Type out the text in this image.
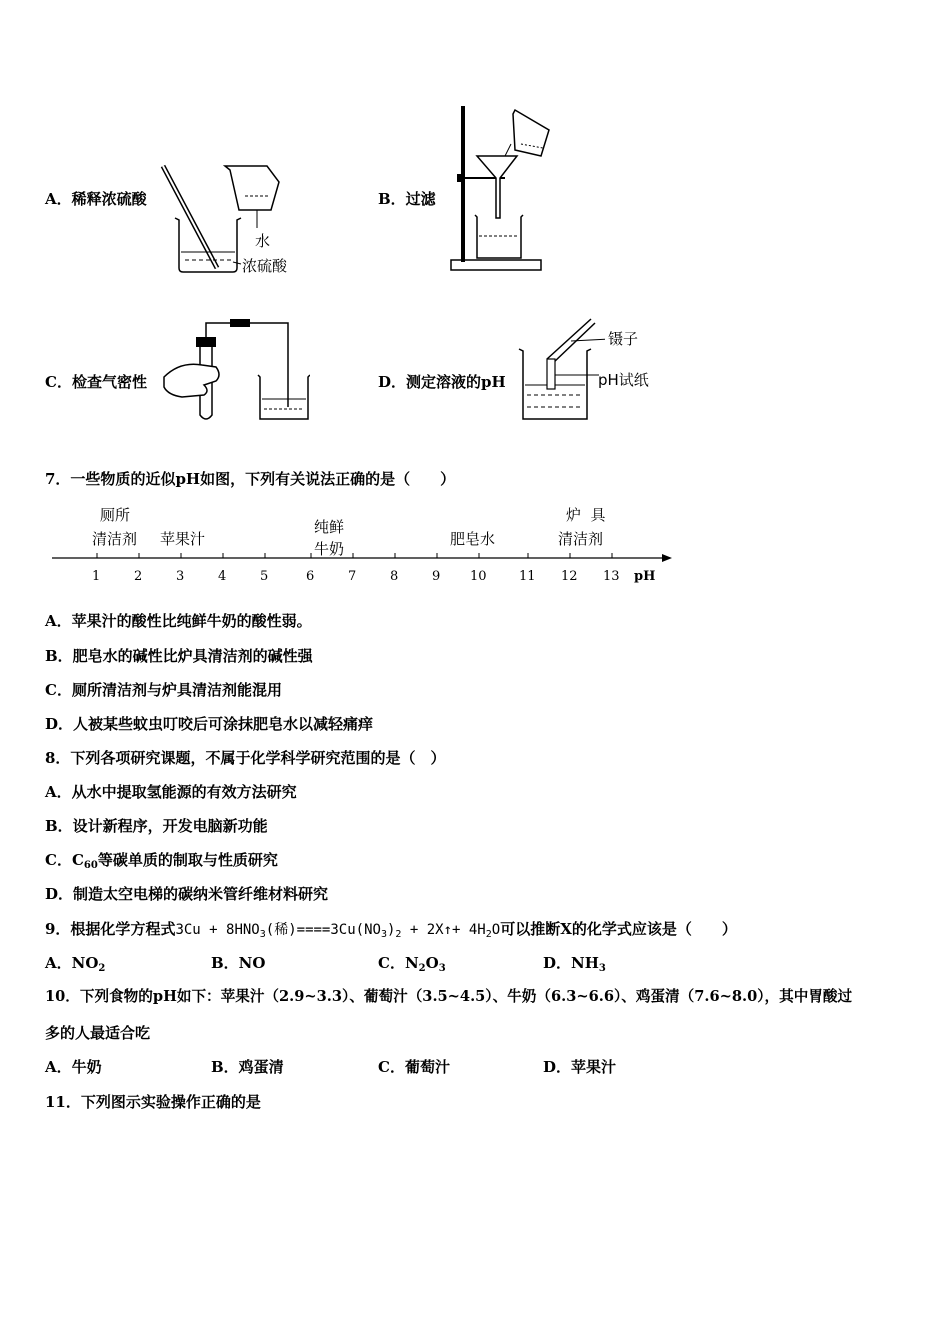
A．稀释浓硫酸	B．过滤
C．检查气密性	D．测定溶液的pH
水
浓硫酸
镊子
pH试纸
7．一些物质的近似pH如图，下列有关说法正确的是（　　）
1	2	3	4	5	6	7	8	9 10 11 12 13 pH
厕所
清洁剂 苹果汁
纯鲜
牛奶
肥皂水
炉  具
清洁剂
A．苹果汁的酸性比纯鲜牛奶的酸性弱。
B．肥皂水的碱性比炉具清洁剂的碱性强
C．厕所清洁剂与炉具清洁剂能混用
D．人被某些蚊虫叮咬后可涂抹肥皂水以减轻痛痒
8．下列各项研究课题，不属于化学科学研究范围的是（　）
A．从水中提取氢能源的有效方法研究
B．设计新程序，开发电脑新功能
C．$C_{60}$等碳单质的制取与性质研究
D．制造太空电梯的碳纳米管纤维材料研究
9．根据化学方程式$3Cu + 8HNO_3$(稀)$====3Cu(NO_3)_2$ + 2X↑+ $4H_2O$可以推断X的化学式应该是（　　）
A．$NO_2$	B．NO	C．$N_2O_3$	D．$NH_3$
10．下列食物的pH如下：苹果汁（2.9~3.3）、葡萄汁（3.5~4.5）、牛奶（6.3~6.6）、鸡蛋清（7.6~8.0），其中胃酸过
多的人最适合吃
A．牛奶	B．鸡蛋清	C．葡萄汁	D．苹果汁
11．下列图示实验操作正确的是
